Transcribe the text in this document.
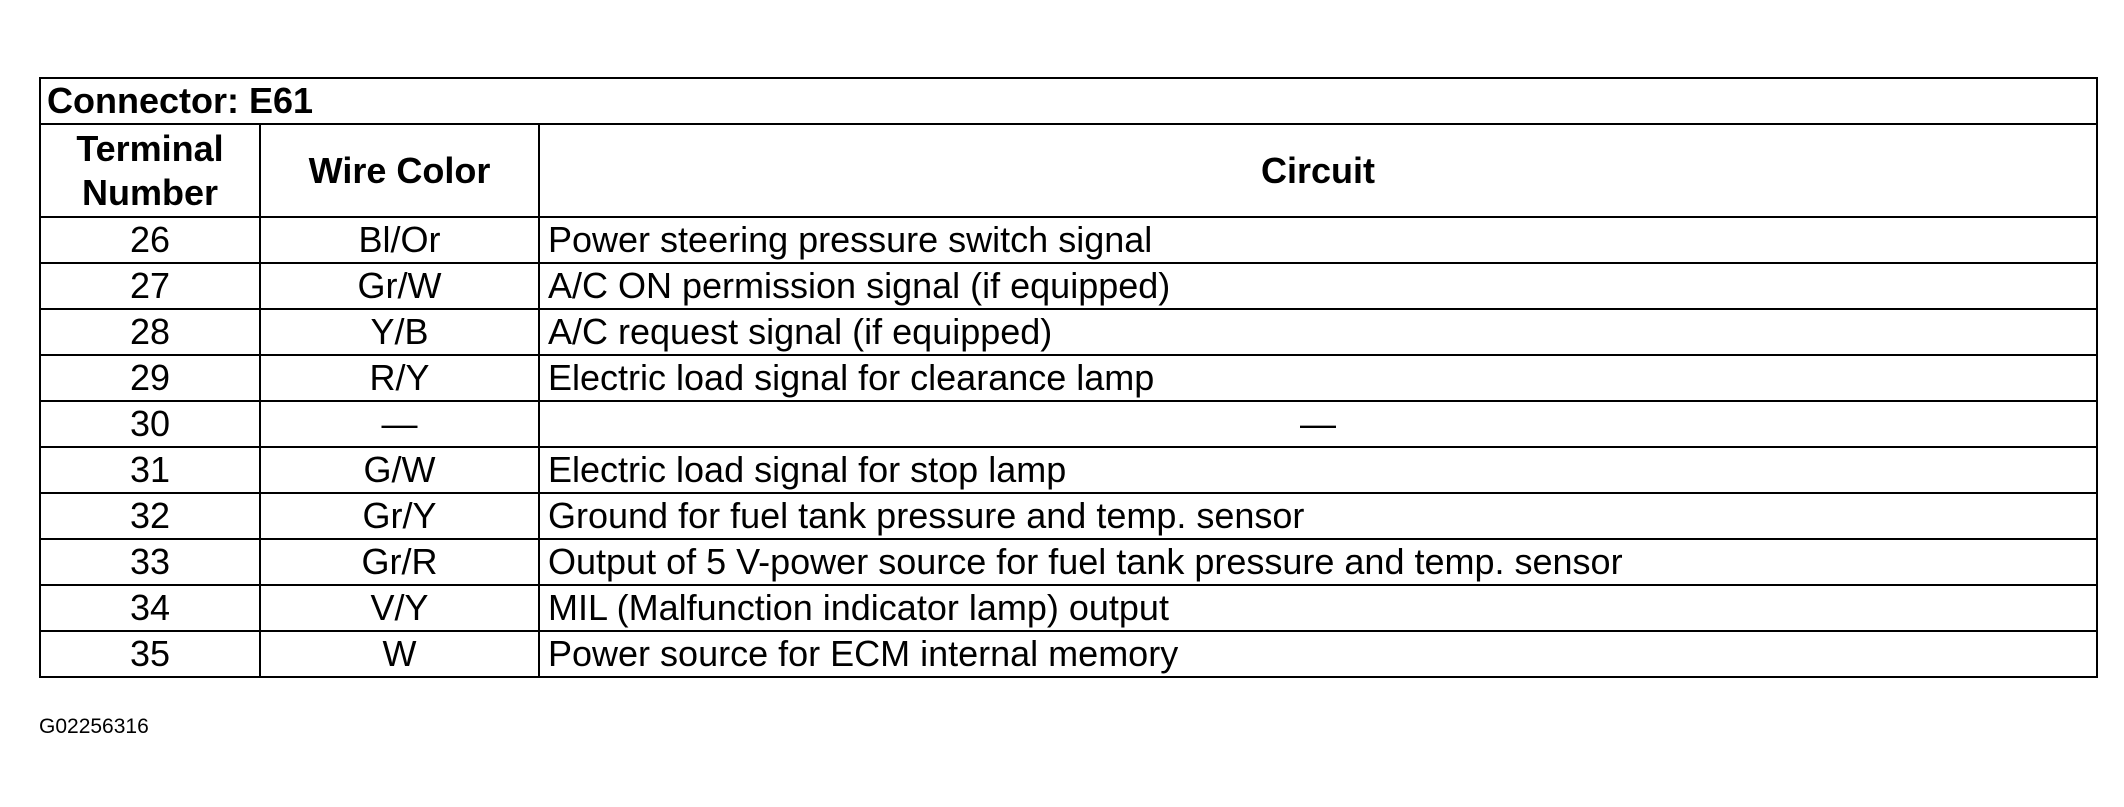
Connector: E61		
Terminal
Number	Wire Color	Circuit
26	Bl/Or	Power steering pressure switch signal
27	Gr/W	A/C ON permission signal (if equipped)
28	Y/B	A/C request signal (if equipped)
29	R/Y	Electric load signal for clearance lamp
30	—	—
31	G/W	Electric load signal for stop lamp
32	Gr/Y	Ground for fuel tank pressure and temp. sensor
33	Gr/R	Output of 5 V-power source for fuel tank pressure and temp. sensor
34	V/Y	MIL (Malfunction indicator lamp) output
35	W	Power source for ECM internal memory
G02256316
